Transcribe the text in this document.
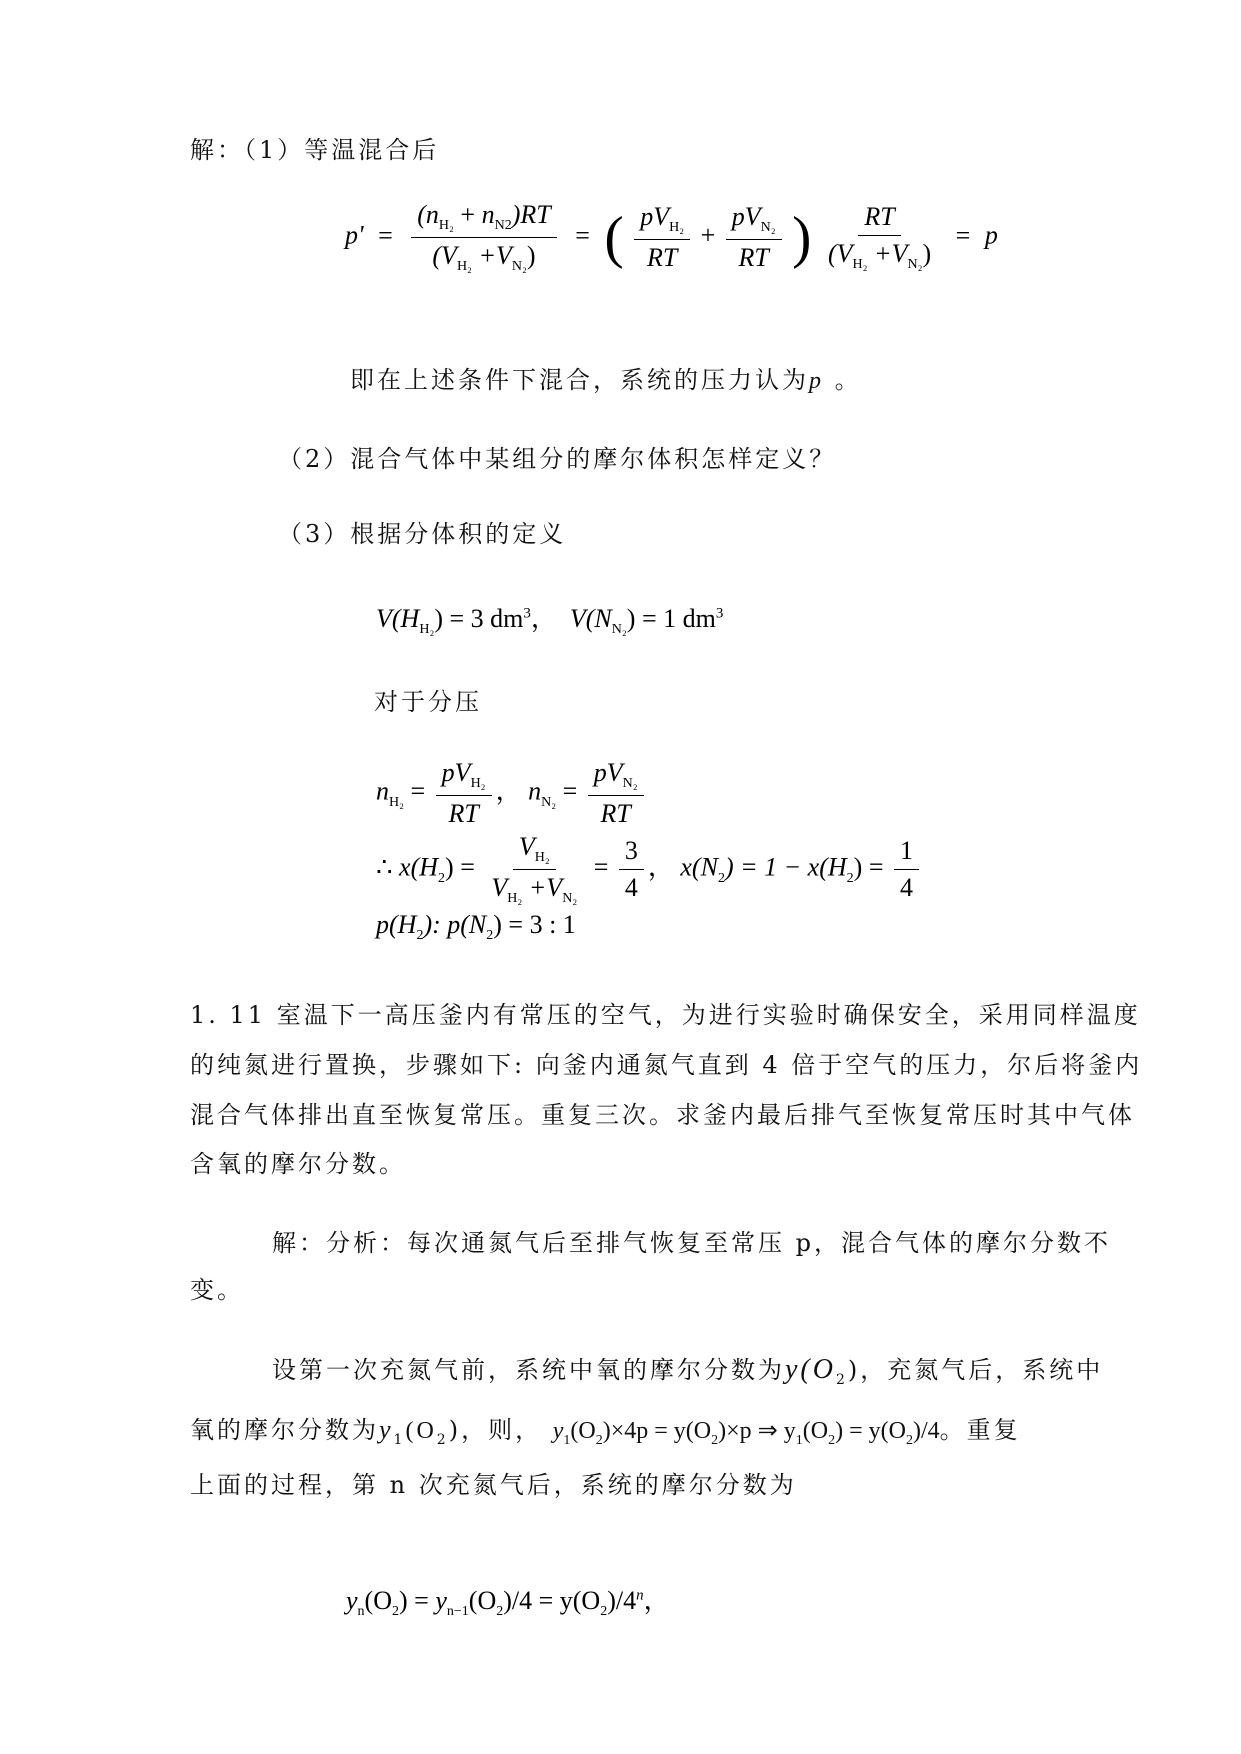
解：（1）等温混合后
$p' = \frac{(n_{H_2} + n_{N2})RT}{(V_{H_2} +V_{N_2})}$ = ( $\frac{pV_{H_2}}{RT} + \frac{pV_{N_2}}{RT}$ ) $\frac{RT}{(V_{H_2} +V_{N_2})} = p$
即在上述条件下混合，系统的压力认为p 。
（2）混合气体中某组分的摩尔体积怎样定义？
（3）根据分体积的定义
$V(H_{H_2}) = 3$ $dm^3$， $V(N_{N_2}) = 1$ $dm^3$
对于分压
$n_{H_2} = \frac{pV_{H_2}}{RT}$ ， $n_{N_2} = \frac{pV_{N_2}}{RT}$
∴ $x(H_2) = \frac{V_{H_2}}{V_{H_2} +V_{N_2}} = \frac{3}{4}$ ， $x(N_2) = 1 - x(H_2) = \frac{1}{4}$
$p(H_2)$: $p(N_2) = 3$ : 1
1. 11 室温下一高压釜内有常压的空气，为进行实验时确保安全，采用同样温度
的纯氮进行置换，步骤如下: 向釜内通氮气直到 4 倍于空气的压力，尔后将釜内
混合气体排出直至恢复常压。重复三次。求釜内最后排气至恢复常压时其中气体
含氧的摩尔分数。
解：分析：每次通氮气后至排气恢复至常压 p，混合气体的摩尔分数不
变。
设第一次充氮气前，系统中氧的摩尔分数为$y(O_2)$，充氮气后，系统中
氧的摩尔分数为$y_1(O_2)$，则， $y_1(O_2)\times 4p = y(O_2)\times p$ ⇒ $y_1(O_2) = y(O_2)/4$。重复
上面的过程，第 n 次充氮气后，系统的摩尔分数为
$y_n(O_2) = y_{n-1}(O_2)/4 = y(O_2)/4^n$，
